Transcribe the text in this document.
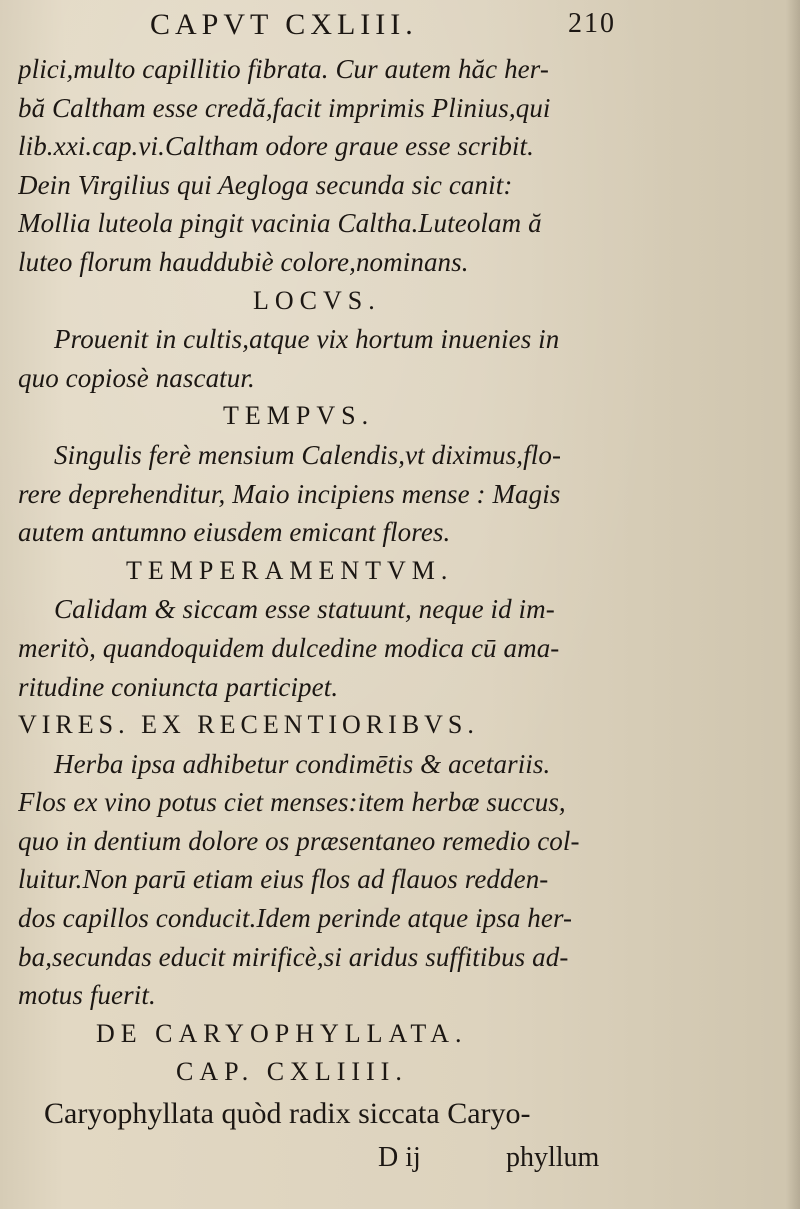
CAPVT CXLIII.	210
plici,multo capillitio fibrata. Cur autem hăc her-
bă Caltham esse credă,facit imprimis Plinius,qui
lib.xxi.cap.vi.Caltham odore graue esse scribit.
Dein Virgilius qui Aegloga secunda sic canit:
Mollia luteola pingit vacinia Caltha.Luteolam ă
luteo florum hauddubiè colore,nominans.
LOCVS.
Prouenit in cultis,atque vix hortum inuenies in
quo copiosè nascatur.
TEMPVS.
Singulis ferè mensium Calendis,vt diximus,flo-
rere deprehenditur, Maio incipiens mense : Magis
autem antumno eiusdem emicant flores.
TEMPERAMENTVM.
Calidam & siccam esse statuunt, neque id im-
meritò, quandoquidem dulcedine modica cū ama-
ritudine coniuncta participet.
VIRES. EX RECENTIORIBVS.
Herba ipsa adhibetur condimētis & acetariis.
Flos ex vino potus ciet menses:item herbæ succus,
quo in dentium dolore os præsentaneo remedio col-
luitur.Non parū etiam eius flos ad flauos redden-
dos capillos conducit.Idem perinde atque ipsa her-
ba,secundas educit mirificè,si aridus suffitibus ad-
motus fuerit.
DE CARYOPHYLLATA.
CAP. CXLIIII.
Caryophyllata quòd radix siccata Caryo-
D ij	phyllum
